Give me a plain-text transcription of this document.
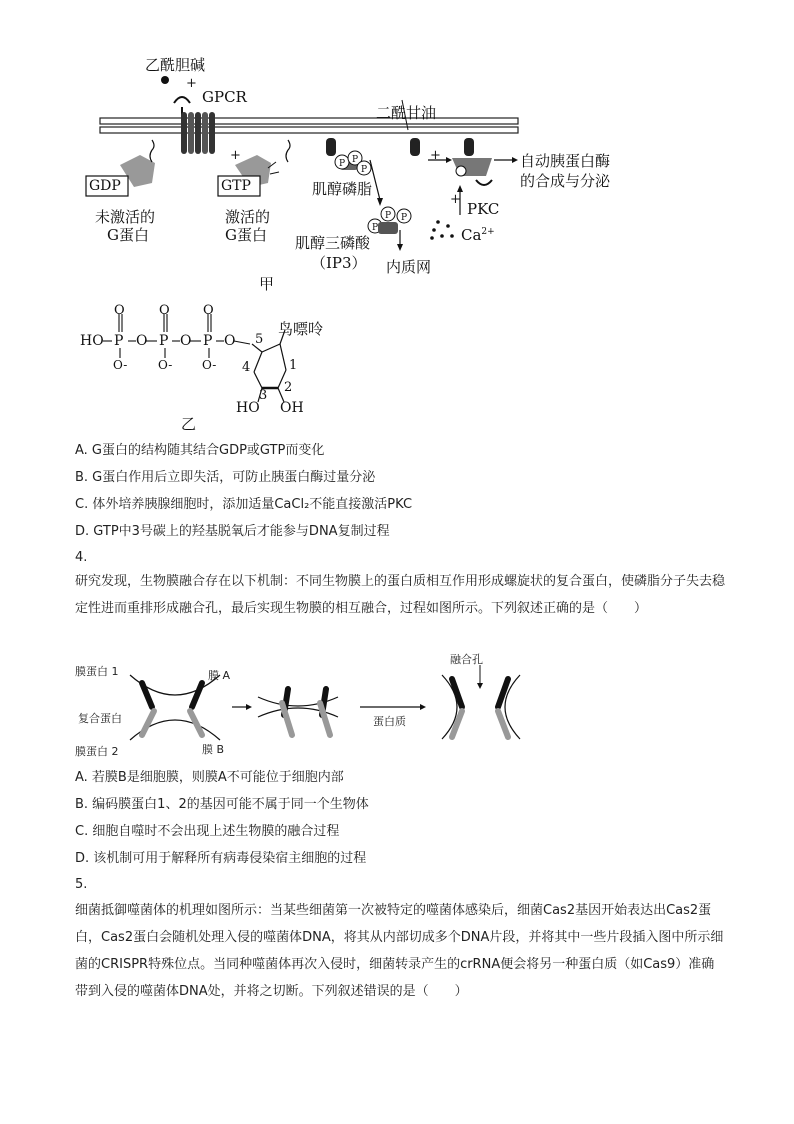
P P
P
P
P P
乙酰胆碱
+
GPCR
二酰甘油
GDP	GTP
+	+
+
肌醇磷脂
自动胰蛋白酶
的合成与分泌
未激活的
G蛋白
激活的
G蛋白
PKC
$Ca^{2+}$
肌醇三磷酸
（IP3） 内质网
甲
HO
O
P
O-
O
O
P
O-
O
O
P
O-
O
鸟嘌呤
5
4	1
3
2
HO OH
乙
A. G蛋白的结构随其结合GDP或GTP而变化
B. G蛋白作用后立即失活，可防止胰蛋白酶过量分泌
C. 体外培养胰腺细胞时，添加适量CaCl₂不能直接激活PKC
D. GTP中3号碳上的羟基脱氧后才能参与DNA复制过程
4.
研究发现，生物膜融合存在以下机制：不同生物膜上的蛋白质相互作用形成螺旋状的复合蛋白，使磷脂分子失去稳定性进而重排形成融合孔，最后实现生物膜的相互融合，过程如图所示。下列叙述正确的是（　　）
膜蛋白 1	膜 A
复合蛋白
膜蛋白 2	膜 B
融合孔
蛋白质
A. 若膜B是细胞膜，则膜A不可能位于细胞内部
B. 编码膜蛋白1、2的基因可能不属于同一个生物体
C. 细胞自噬时不会出现上述生物膜的融合过程
D. 该机制可用于解释所有病毒侵染宿主细胞的过程
5.
细菌抵御噬菌体的机理如图所示：当某些细菌第一次被特定的噬菌体感染后，细菌Cas2基因开始表达出Cas2蛋白，Cas2蛋白会随机处理入侵的噬菌体DNA，将其从内部切成多个DNA片段，并将其中一些片段插入图中所示细菌的CRISPR特殊位点。当同种噬菌体再次入侵时，细菌转录产生的crRNA便会将另一种蛋白质（如Cas9）准确带到入侵的噬菌体DNA处，并将之切断。下列叙述错误的是（　　）
